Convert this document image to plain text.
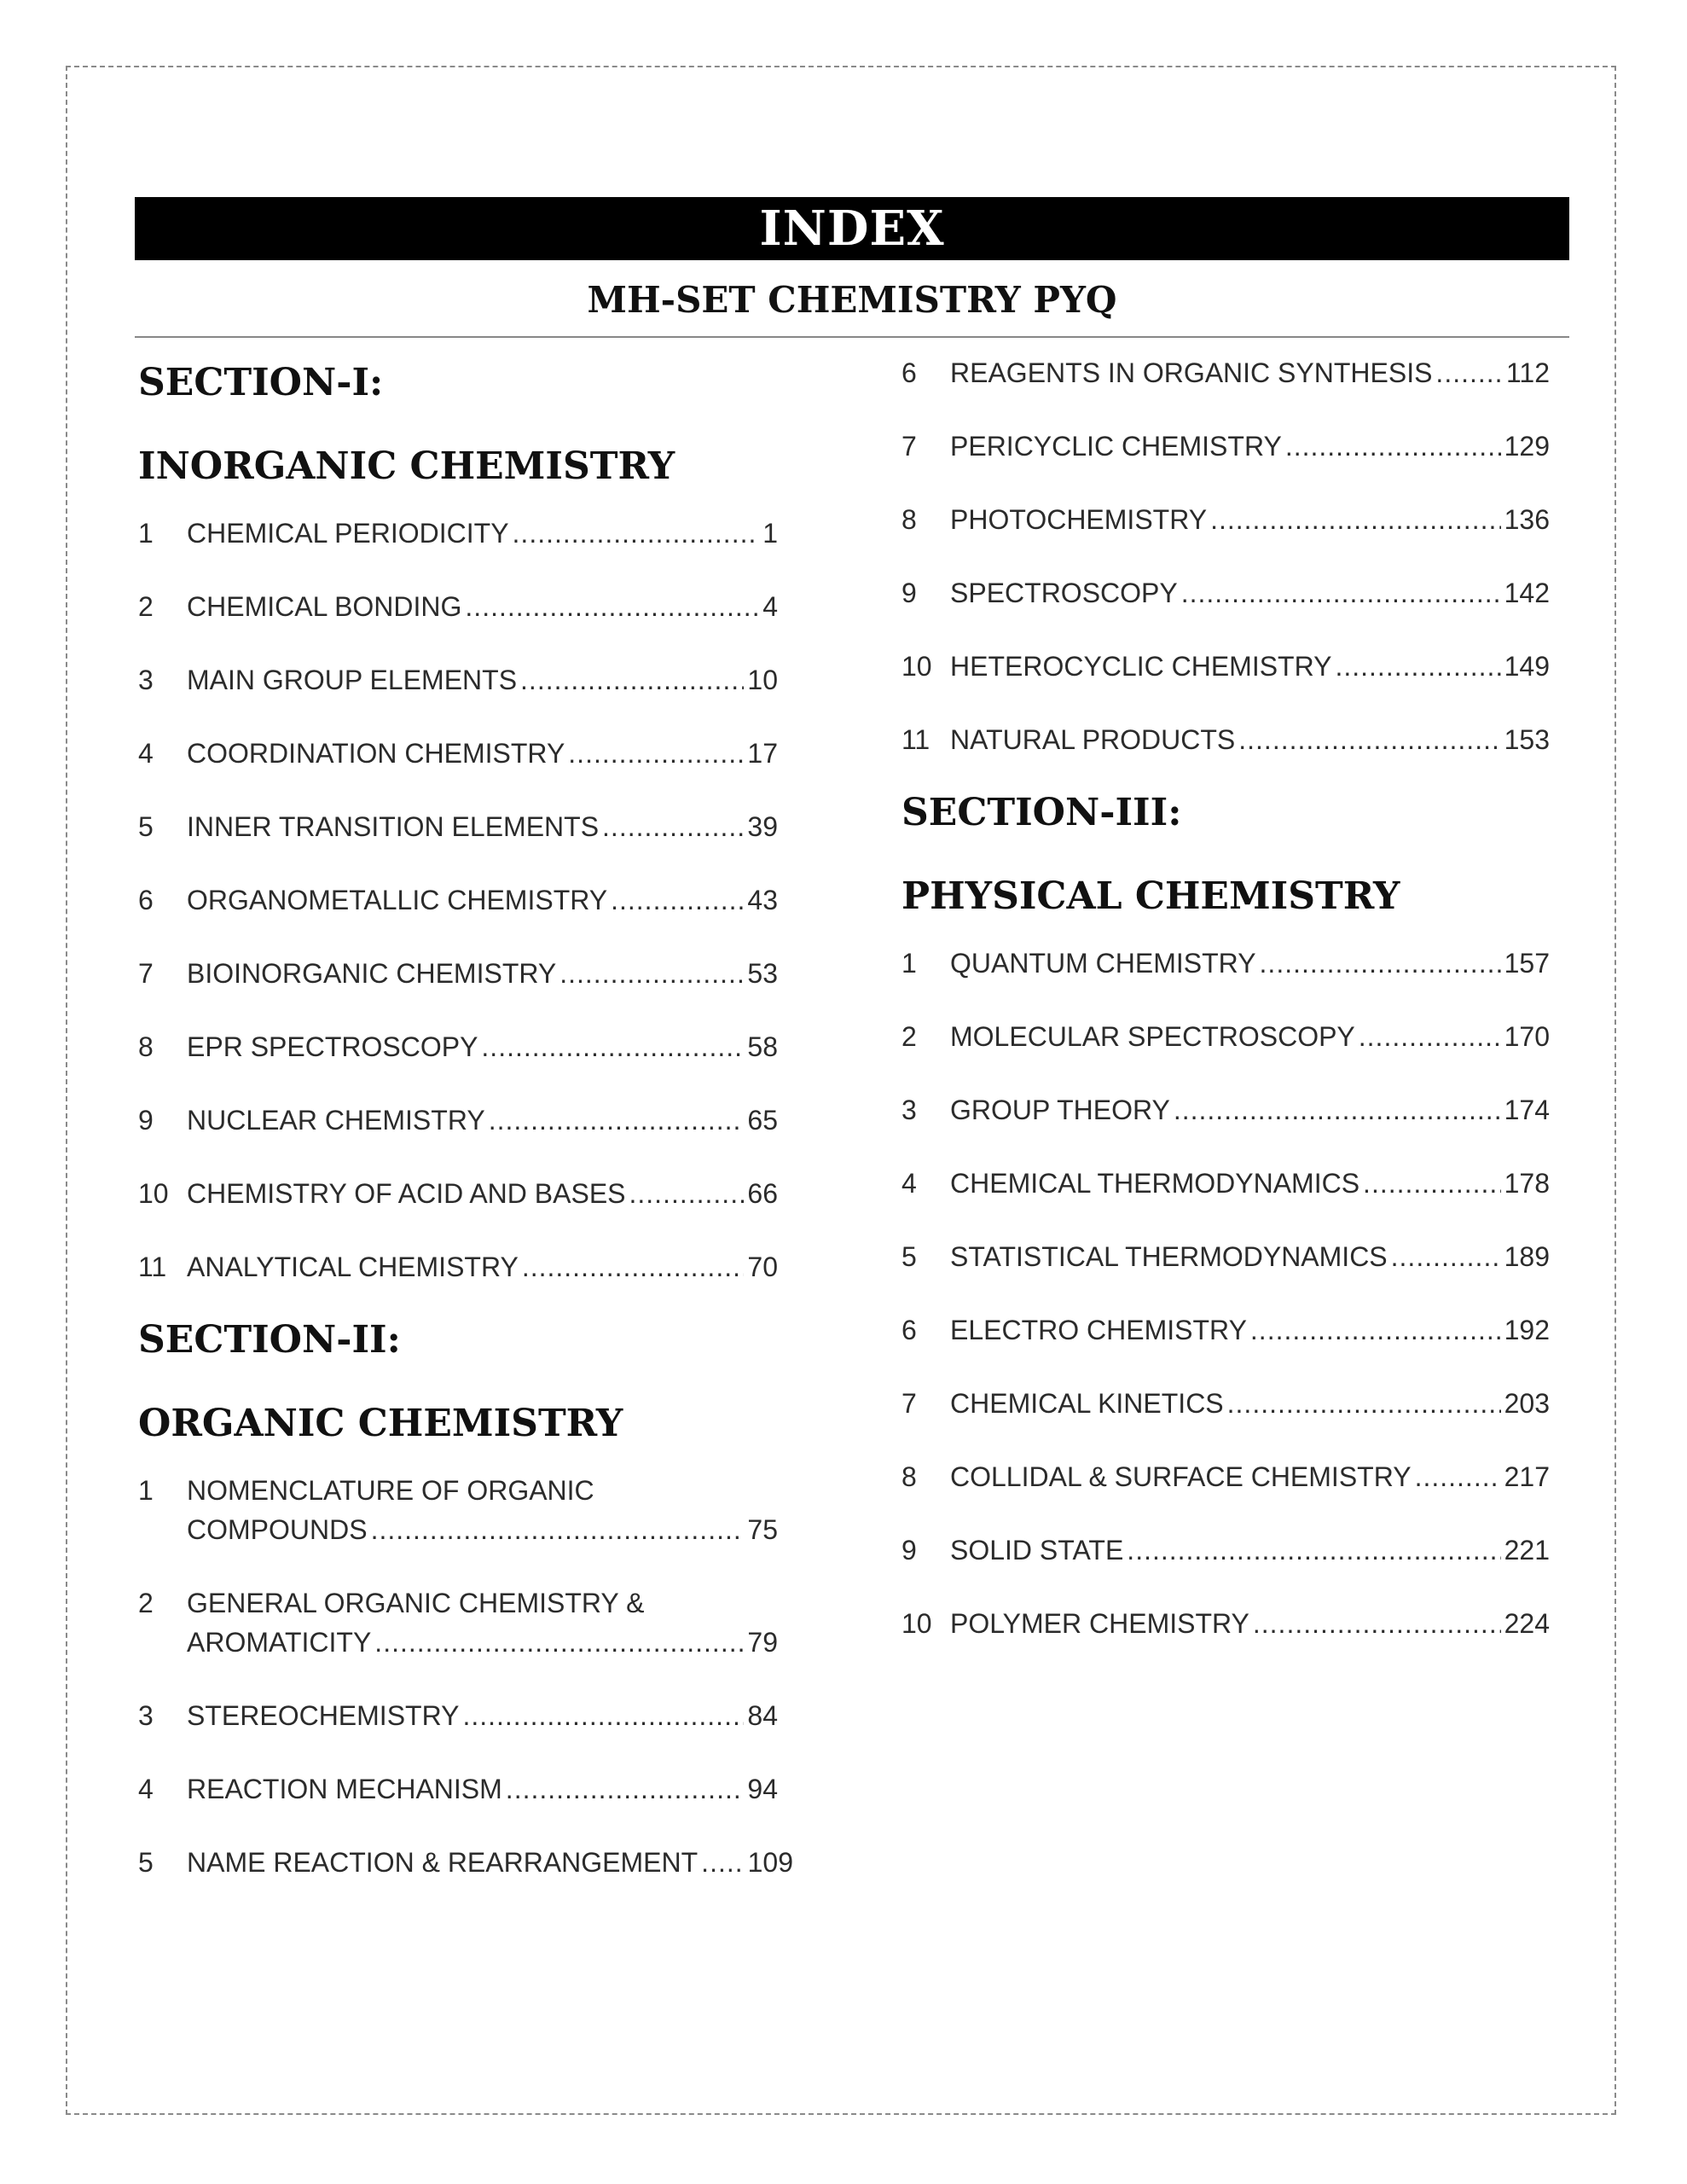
INDEX
MH-SET CHEMISTRY PYQ

SECTION-I:

INORGANIC CHEMISTRY

1	CHEMICAL PERIODICITY .....	1
2	CHEMICAL BONDING .....	4
3	MAIN GROUP ELEMENTS .....	10
4	COORDINATION CHEMISTRY .....	17
5	INNER TRANSITION ELEMENTS .....	39
6	ORGANOMETALLIC CHEMISTRY .....	43
7	BIOINORGANIC CHEMISTRY .....	53
8	EPR SPECTROSCOPY .....	58
9	NUCLEAR CHEMISTRY .....	65
10 CHEMISTRY OF ACID AND BASES .....	66
11 ANALYTICAL CHEMISTRY .....	70

SECTION-II:

ORGANIC CHEMISTRY

1	NOMENCLATURE OF ORGANIC
COMPOUNDS .....	75
2	GENERAL ORGANIC CHEMISTRY &
AROMATICITY .....	79
3	STEREOCHEMISTRY .....	84
4	REACTION MECHANISM .....	94
5	NAME REACTION & REARRANGEMENT ..... 109
6	REAGENTS IN ORGANIC SYNTHESIS .....	112
7	PERICYCLIC CHEMISTRY .....	129
8	PHOTOCHEMISTRY .....	136
9	SPECTROSCOPY .....	142
10 HETEROCYCLIC CHEMISTRY .....	149
11 NATURAL PRODUCTS .....	153

SECTION-III:

PHYSICAL CHEMISTRY

1	QUANTUM CHEMISTRY .....	157
2	MOLECULAR SPECTROSCOPY .....	170
3	GROUP THEORY .....	174
4	CHEMICAL THERMODYNAMICS .....	178
5	STATISTICAL THERMODYNAMICS .....	189
6	ELECTRO CHEMISTRY .....	192
7	CHEMICAL KINETICS .....	203
8	COLLIDAL & SURFACE CHEMISTRY .....	217
9	SOLID STATE .....	221
10 POLYMER CHEMISTRY .....	224
